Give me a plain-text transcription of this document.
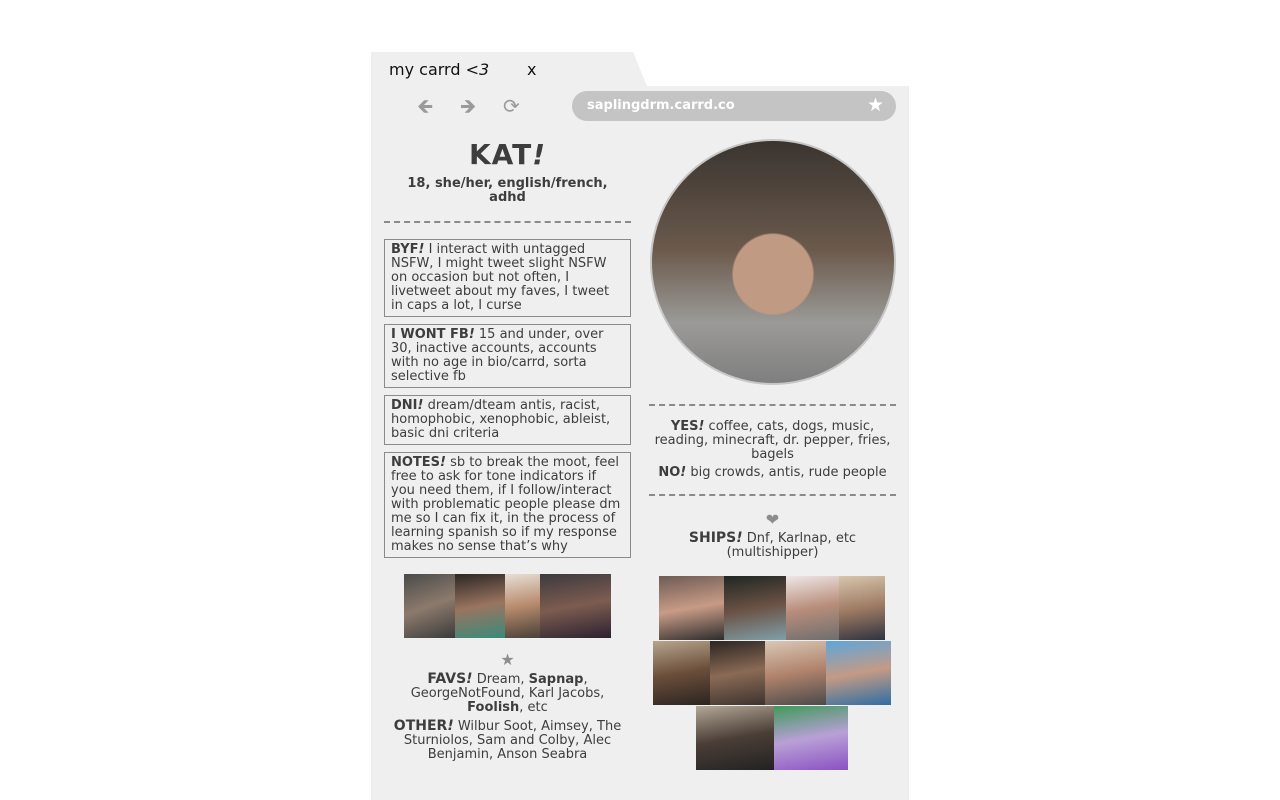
my carrd <3 x
🡸 🡺 ⟳	saplingdrm.carrd.co	★
KAT!
18, she/her, english/french, adhd
BYF! I interact with untagged NSFW, I might tweet slight NSFW on occasion but not often, I livetweet about my faves, I tweet in caps a lot, I curse
I WONT FB! 15 and under, over 30, inactive accounts, accounts with no age in bio/carrd, sorta selective fb
DNI! dream/dteam antis, racist, homophobic, xenophobic, ableist, basic dni criteria
NOTES! sb to break the moot, feel free to ask for tone indicators if you need them, if I follow/interact with problematic people please dm me so I can fix it, in the process of learning spanish so if my response makes no sense that’s why
★
FAVS! Dream, Sapnap, GeorgeNotFound, Karl Jacobs, Foolish, etc
OTHER! Wilbur Soot, Aimsey, The Sturniolos, Sam and Colby, Alec Benjamin, Anson Seabra
YES! coffee, cats, dogs, music, reading, minecraft, dr. pepper, fries, bagels
NO! big crowds, antis, rude people
❤
SHIPS! Dnf, Karlnap, etc (multishipper)
